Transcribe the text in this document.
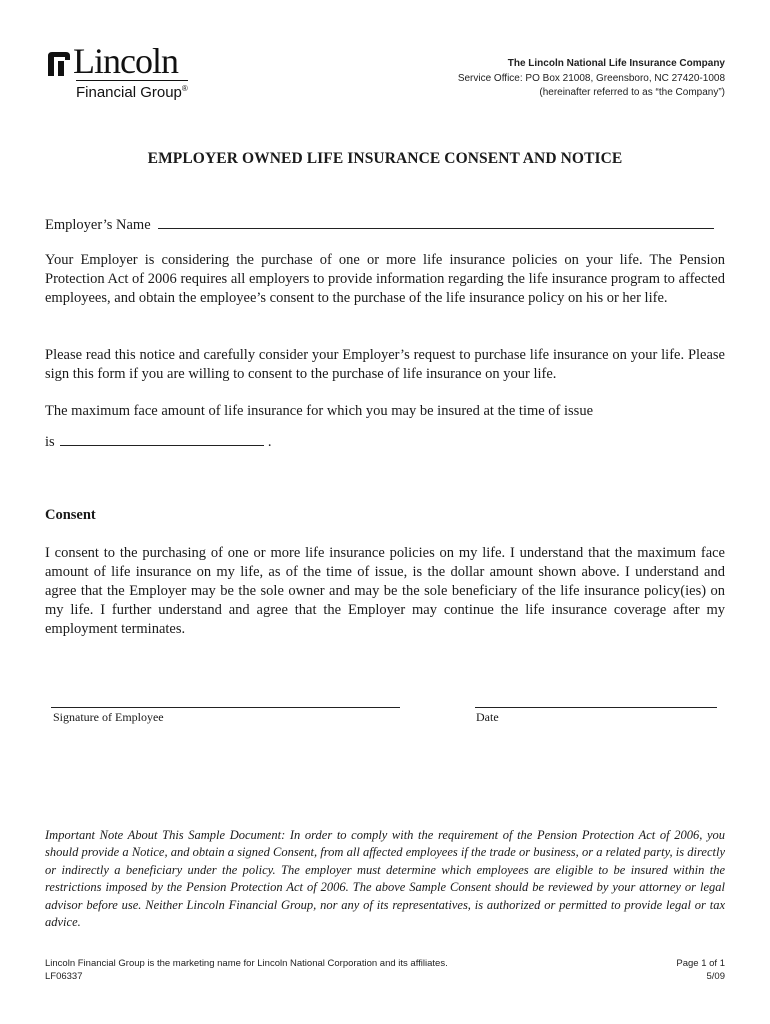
Lincoln
Financial Group®
The Lincoln National Life Insurance Company
Service Office: PO Box 21008, Greensboro, NC 27420-1008
(hereinafter referred to as “the Company”)
EMPLOYER OWNED LIFE INSURANCE CONSENT AND NOTICE
Employer’s Name
Your Employer is considering the purchase of one or more life insurance policies on your life. The Pension Protection Act of 2006 requires all employers to provide information regarding the life insurance program to affected employees, and obtain the employee’s consent to the purchase of the life insurance policy on his or her life.
Please read this notice and carefully consider your Employer’s request to purchase life insurance on your life. Please sign this form if you are willing to consent to the purchase of life insurance on your life.
The maximum face amount of life insurance for which you may be insured at the time of issue
is	.
Consent
I consent to the purchasing of one or more life insurance policies on my life. I understand that the maximum face amount of life insurance on my life, as of the time of issue, is the dollar amount shown above. I understand and agree that the Employer may be the sole owner and may be the sole beneficiary of the life insurance policy(ies) on my life. I further understand and agree that the Employer may continue the life insurance coverage after my employment terminates.
Signature of Employee	Date
Important Note About This Sample Document: In order to comply with the requirement of the Pension Protection Act of 2006, you should provide a Notice, and obtain a signed Consent, from all affected employees if the trade or business, or a related party, is directly or indirectly a beneficiary under the policy. The employer must determine which employees are eligible to be insured within the restrictions imposed by the Pension Protection Act of 2006. The above Sample Consent should be reviewed by your attorney or legal advisor before use. Neither Lincoln Financial Group, nor any of its representatives, is authorized or permitted to provide legal or tax advice.
Lincoln Financial Group is the marketing name for Lincoln National Corporation and its affiliates.
LF06337
Page 1 of 1
5/09
